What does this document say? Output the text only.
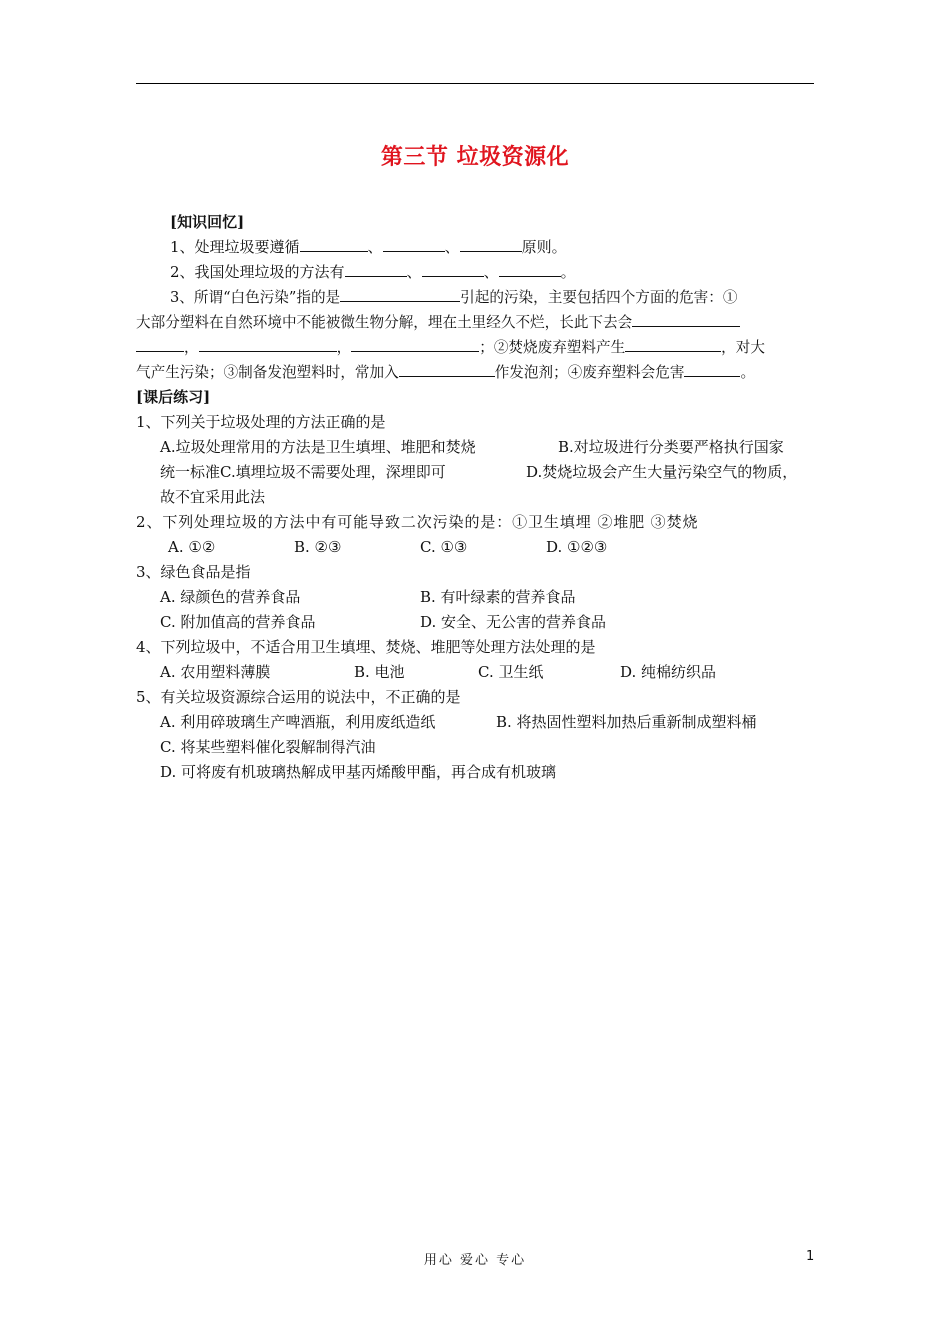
第三节 垃圾资源化
[知识回忆]
1、处理垃圾要遵循	、	、	原则。
2、我国处理垃圾的方法有	、	、	。
3、所谓“白色污染”指的是	引起的污染，主要包括四个方面的危害：①
大部分塑料在自然环境中不能被微生物分解，埋在土里经久不烂，长此下去会
，	，	；②焚烧废弃塑料产生	，对大
气产生污染；③制备发泡塑料时，常加入	作发泡剂；④废弃塑料会危害	。
[课后练习]
1、下列关于垃圾处理的方法正确的是
A.垃圾处理常用的方法是卫生填埋、堆肥和焚烧	B.对垃圾进行分类要严格执行国家
统一标准C.填埋垃圾不需要处理，深埋即可	D.焚烧垃圾会产生大量污染空气的物质，
故不宜采用此法
2、下列处理垃圾的方法中有可能导致二次污染的是：①卫生填埋 ②堆肥 ③焚烧
A. ①②	B. ②③	C. ①③	D. ①②③
3、绿色食品是指
A. 绿颜色的营养食品	B. 有叶绿素的营养食品
C. 附加值高的营养食品	D. 安全、无公害的营养食品
4、下列垃圾中，不适合用卫生填埋、焚烧、堆肥等处理方法处理的是
A. 农用塑料薄膜	B. 电池	C. 卫生纸	D. 纯棉纺织品
5、有关垃圾资源综合运用的说法中，不正确的是
A. 利用碎玻璃生产啤酒瓶，利用废纸造纸	B. 将热固性塑料加热后重新制成塑料桶
C. 将某些塑料催化裂解制得汽油
D. 可将废有机玻璃热解成甲基丙烯酸甲酯，再合成有机玻璃
用心 爱心 专心	1
